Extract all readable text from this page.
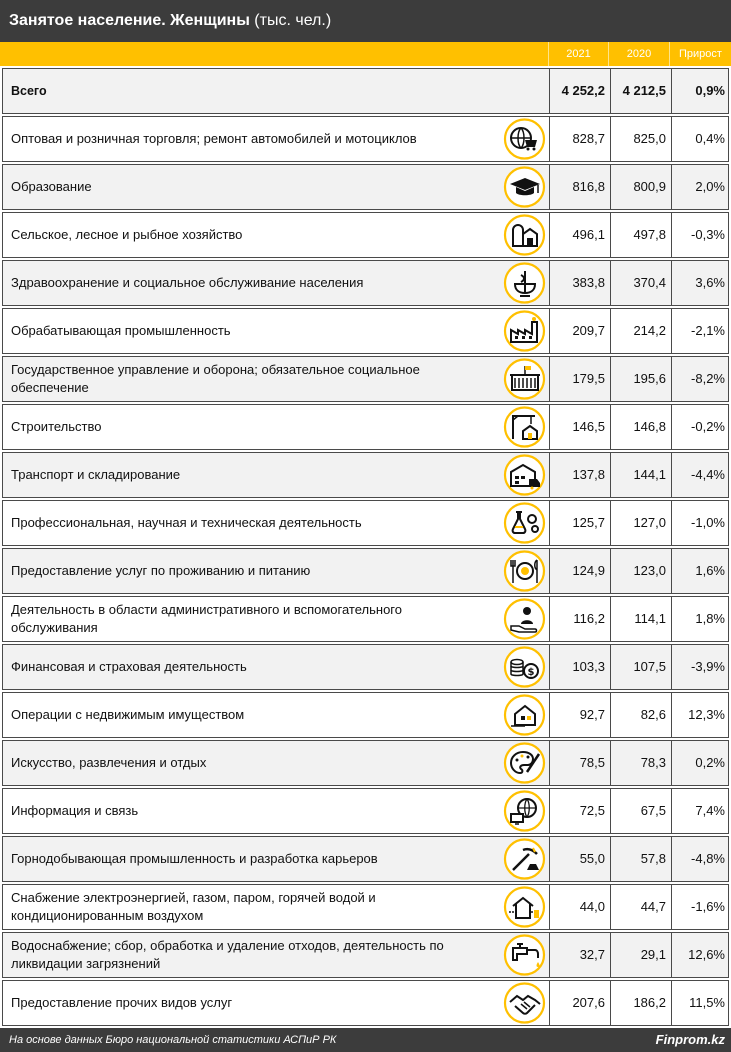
Занятое население. Женщины (тыс. чел.)
2021	2020	Прирост
Всего	4 252,2	4 212,5	0,9%
Оптовая и розничная торговля; ремонт автомобилей и мотоциклов	828,7	825,0	0,4%
Образование	816,8	800,9	2,0%
Сельское, лесное и рыбное хозяйство	496,1	497,8	-0,3%
Здравоохранение и социальное обслуживание населения	383,8	370,4	3,6%
Обрабатывающая промышленность	209,7	214,2	-2,1%
Государственное управление и оборона; обязательное социальное обеспечение
179,5	195,6	-8,2%
Строительство	146,5	146,8	-0,2%
Транспорт и складирование	137,8	144,1	-4,4%
Профессиональная, научная и техническая деятельность	125,7	127,0	-1,0%
Предоставление услуг по проживанию и питанию	124,9	123,0	1,6%
Деятельность в области административного и вспомогательного обслуживания
116,2	114,1	1,8%
Финансовая и страховая деятельность	$	103,3	107,5	-3,9%
Операции с недвижимым имуществом	92,7	82,6	12,3%
Искусство, развлечения и отдых	78,5	78,3	0,2%
Информация и связь	72,5	67,5	7,4%
Горнодобывающая промышленность и разработка карьеров	55,0	57,8	-4,8%
Снабжение электроэнергией, газом, паром, горячей водой и кондиционированным воздухом
44,0	44,7	-1,6%
Водоснабжение; сбор, обработка и удаление отходов, деятельность по ликвидации загрязнений
32,7	29,1	12,6%
Предоставление прочих видов услуг	207,6	186,2	11,5%
На основе данных Бюро национальной статистики АСПиР РК	Finprom.kz
